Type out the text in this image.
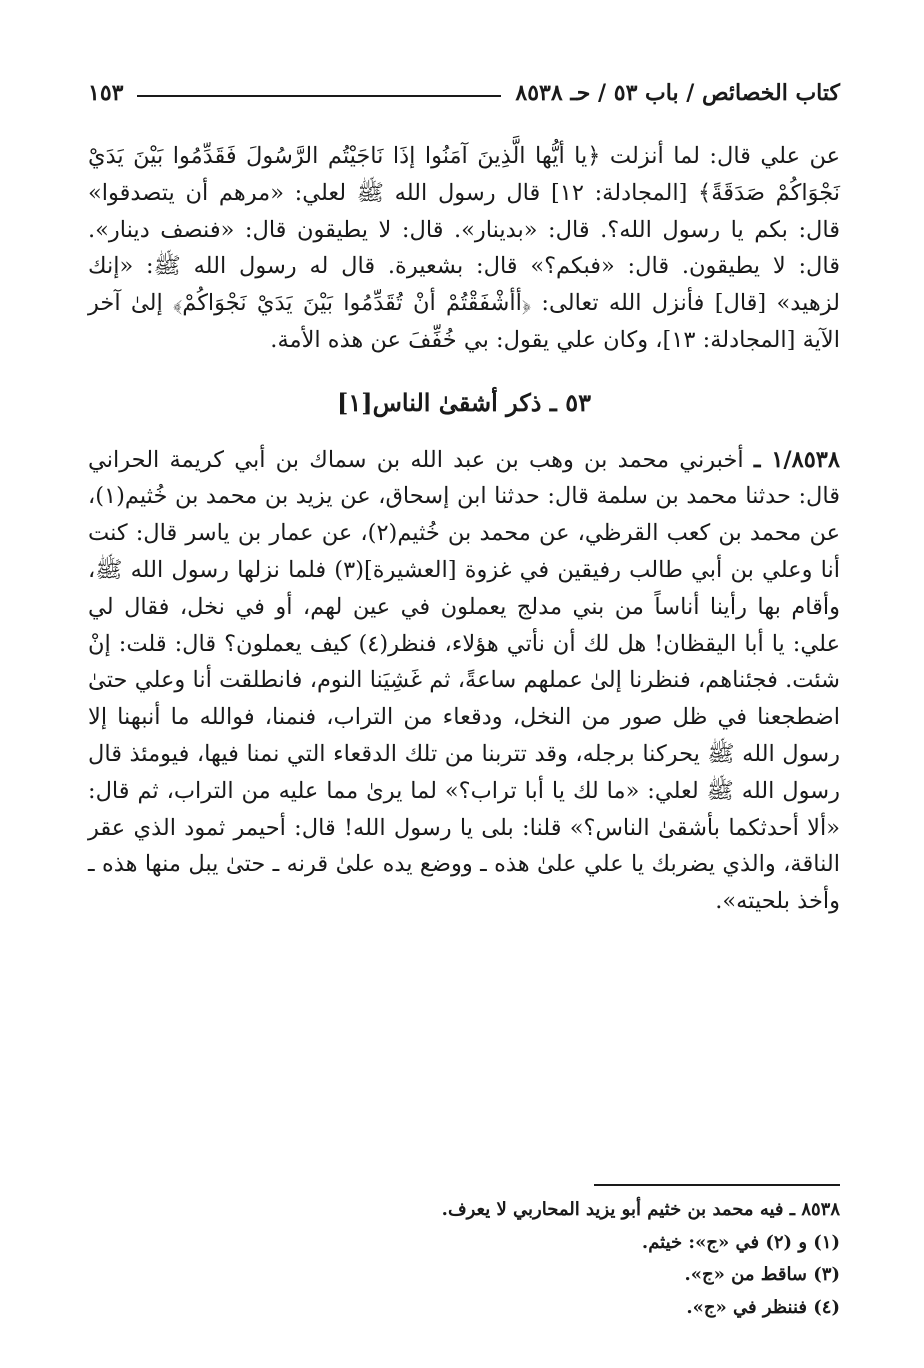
كتاب الخصائص / باب ٥٣ / حـ ٨٥٣٨
١٥٣

عن علي قال: لما أنزلت ﴿يا أيُّها الَّذِينَ آمَنُوا إذَا نَاجَيْتُم الرَّسُولَ فَقَدِّمُوا بَيْنَ يَدَيْ نَجْوَاكُمْ صَدَقَةً﴾ [المجادلة: ١٢] قال رسول الله ﷺ لعلي: «مرهم أن يتصدقوا» قال: بكم يا رسول الله؟. قال: «بدينار». قال: لا يطيقون قال: «فنصف دينار». قال: لا يطيقون. قال: «فبكم؟» قال: بشعيرة. قال له رسول الله ﷺ: «إنك لزهيد» [قال] فأنزل الله تعالى: ﴿أأشْفَقْتُمْ أنْ تُقَدِّمُوا بَيْنَ يَدَيْ نَجْوَاكُمْ﴾ إلىٰ آخر الآية [المجادلة: ١٣]، وكان علي يقول: بي خُفِّفَ عن هذه الأمة.

٥٣ ـ ذكر أشقىٰ الناس[١]

١/٨٥٣٨ ـ أخبرني محمد بن وهب بن عبد الله بن سماك بن أبي كريمة الحراني قال: حدثنا محمد بن سلمة قال: حدثنا ابن إسحاق، عن يزيد بن محمد بن خُثيم(١)، عن محمد بن كعب القرظي، عن محمد بن خُثيم(٢)، عن عمار بن ياسر قال: كنت أنا وعلي بن أبي طالب رفيقين في غزوة [العشيرة](٣) فلما نزلها رسول الله ﷺ، وأقام بها رأينا أناساً من بني مدلج يعملون في عين لهم، أو في نخل، فقال لي علي: يا أبا اليقظان! هل لك أن نأتي هؤلاء، فنظر(٤) كيف يعملون؟ قال: قلت: إنْ شئت. فجئناهم، فنظرنا إلىٰ عملهم ساعةً، ثم غَشِيَنا النوم، فانطلقت أنا وعلي حتىٰ اضطجعنا في ظل صور من النخل، ودقعاء من التراب، فنمنا، فوالله ما أنبهنا إلا رسول الله ﷺ يحركنا برجله، وقد تتربنا من تلك الدقعاء التي نمنا فيها، فيومئذ قال رسول الله ﷺ لعلي: «ما لك يا أبا تراب؟» لما يرىٰ مما عليه من التراب، ثم قال: «ألا أحدثكما بأشقىٰ الناس؟» قلنا: بلى يا رسول الله! قال: أحيمر ثمود الذي عقر الناقة، والذي يضربك يا علي علىٰ هذه ـ ووضع يده علىٰ قرنه ـ حتىٰ يبل منها هذه ـ وأخذ بلحيته».

٨٥٣٨ ـ فيه محمد بن خثيم أبو يزيد المحاربي لا يعرف.

(١) و (٢) في «ج»: خيثم.

(٣) ساقط من «ج».

(٤) فننظر في «ج».
